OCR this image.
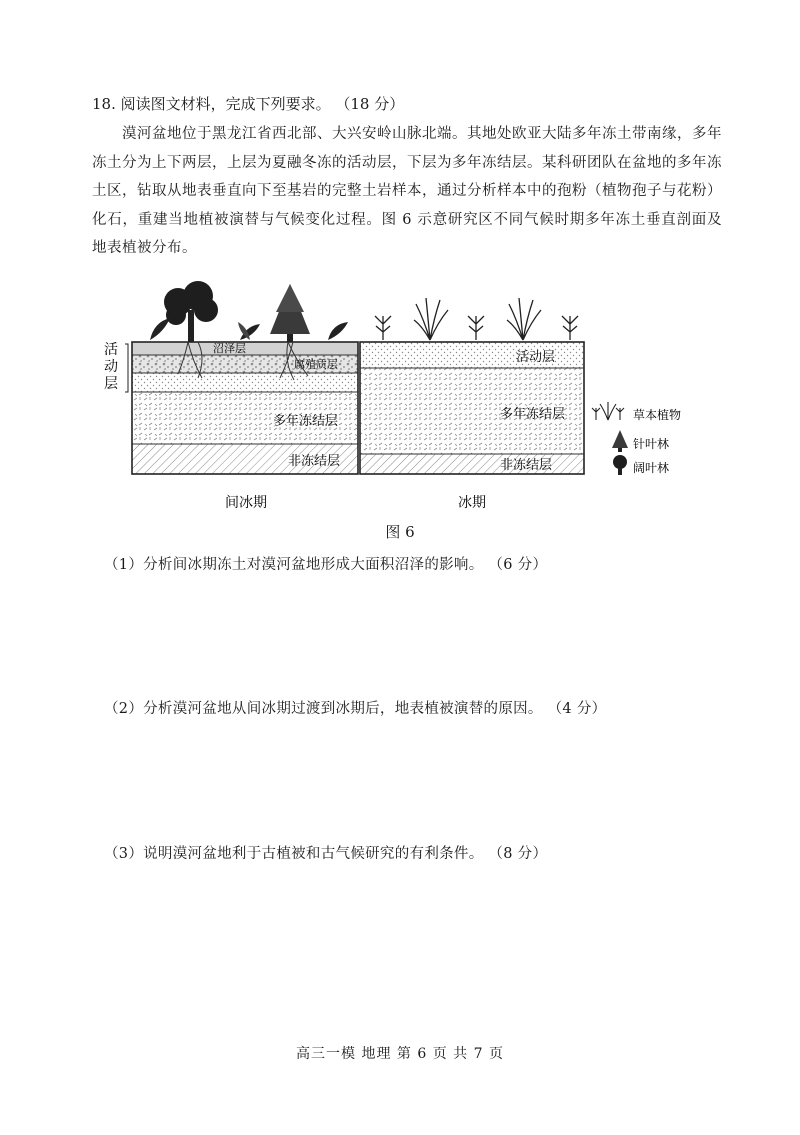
18. 阅读图文材料，完成下列要求。 （18 分）
漠河盆地位于黑龙江省西北部、大兴安岭山脉北端。其地处欧亚大陆多年冻土带南缘，多年冻土分为上下两层，上层为夏融冬冻的活动层，下层为多年冻结层。某科研团队在盆地的多年冻土区，钻取从地表垂直向下至基岩的完整土岩样本，通过分析样本中的孢粉（植物孢子与花粉）化石，重建当地植被演替与气候变化过程。图 6 示意研究区不同气候时期多年冻土垂直剖面及地表植被分布。
沼泽层
腐殖质层
多年冻结层
非冻结层
活动层
多年冻结层
非冻结层
活
动
层
间冰期	冰期
草本植物
针叶林
阔叶林
图 6
（1）分析间冰期冻土对漠河盆地形成大面积沼泽的影响。 （6 分）
（2）分析漠河盆地从间冰期过渡到冰期后，地表植被演替的原因。 （4 分）
（3）说明漠河盆地利于古植被和古气候研究的有利条件。 （8 分）
高三一模 地理 第 6 页 共 7 页
